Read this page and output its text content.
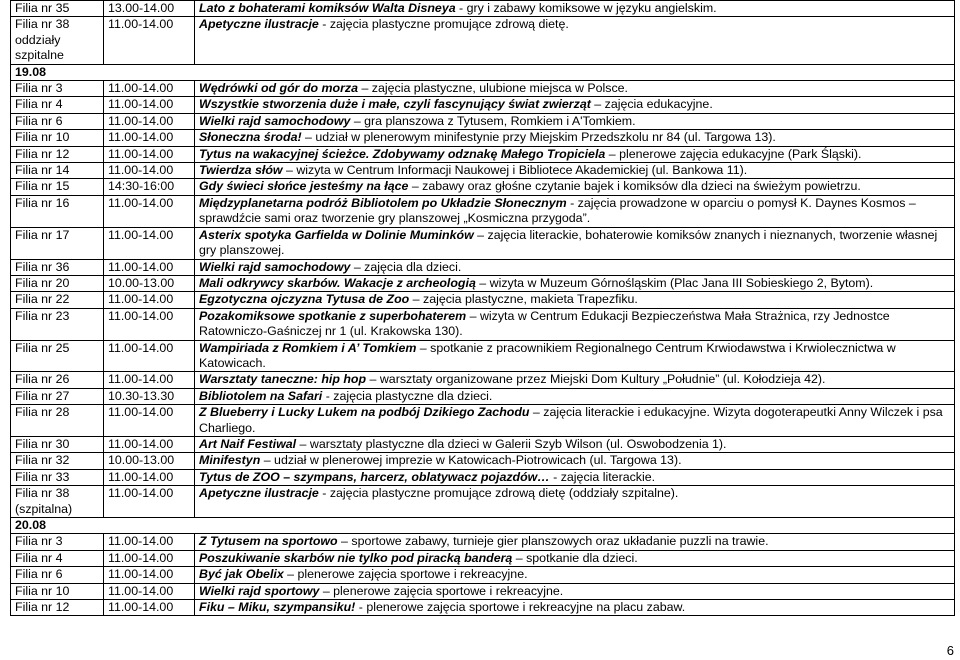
Filia nr 35	13.00-14.00	Lato z bohaterami komiksów Walta Disneya - gry i zabawy komiksowe w języku angielskim.

Filia nr 38
oddziały szpitalne	11.00-14.00	Apetyczne ilustracje - zajęcia plastyczne promujące zdrową dietę.
19.08		

Filia nr 3	11.00-14.00	Wędrówki od gór do morza – zajęcia plastyczne, ulubione miejsca w Polsce.

Filia nr 4	11.00-14.00	Wszystkie stworzenia duże i małe, czyli fascynujący świat zwierząt – zajęcia edukacyjne.

Filia nr 6	11.00-14.00	Wielki rajd samochodowy – gra planszowa z Tytusem, Romkiem i A'Tomkiem.

Filia nr 10	11.00-14.00	Słoneczna środa! – udział w plenerowym minifestynie przy Miejskim Przedszkolu nr 84 (ul. Targowa 13).

Filia nr 12	11.00-14.00	Tytus na wakacyjnej ścieżce. Zdobywamy odznakę Małego Tropiciela – plenerowe zajęcia edukacyjne (Park Śląski).

Filia nr 14	11.00-14.00	Twierdza słów – wizyta w Centrum Informacji Naukowej i Bibliotece Akademickiej (ul. Bankowa 11).

Filia nr 15	14:30-16:00	Gdy świeci słońce jesteśmy na łące – zabawy oraz głośne czytanie bajek i komiksów dla dzieci na świeżym powietrzu.

Filia nr 16	11.00-14.00	Międzyplanetarna podróż Bibliotolem po Układzie Słonecznym - zajęcia prowadzone w oparciu o pomysł K. Daynes Kosmos – sprawdźcie sami oraz tworzenie gry planszowej „Kosmiczna przygoda”.

Filia nr 17	11.00-14.00	Asterix spotyka Garfielda w Dolinie Muminków – zajęcia literackie, bohaterowie komiksów znanych i nieznanych, tworzenie własnej gry planszowej.

Filia nr 36	11.00-14.00	Wielki rajd samochodowy – zajęcia dla dzieci.

Filia nr 20	10.00-13.00	Mali odkrywcy skarbów. Wakacje z archeologią – wizyta w Muzeum Górnośląskim (Plac Jana III Sobieskiego 2, Bytom).

Filia nr 22	11.00-14.00	Egzotyczna ojczyzna Tytusa de Zoo – zajęcia plastyczne, makieta Trapezfiku.

Filia nr 23	11.00-14.00	Pozakomiksowe spotkanie z superbohaterem – wizyta w Centrum Edukacji Bezpieczeństwa Mała Strażnica, rzy Jednostce Ratowniczo-Gaśniczej nr 1 (ul. Krakowska 130).

Filia nr 25	11.00-14.00	Wampiriada z Romkiem i A’ Tomkiem – spotkanie z pracownikiem Regionalnego Centrum Krwiodawstwa i Krwiolecznictwa w Katowicach.

Filia nr 26	11.00-14.00	Warsztaty taneczne: hip hop – warsztaty organizowane przez Miejski Dom Kultury „Południe” (ul. Kołodzieja 42).

Filia nr 27	10.30-13.30	Bibliotolem na Safari - zajęcia plastyczne dla dzieci.

Filia nr 28	11.00-14.00	Z Blueberry i Lucky Lukem na podbój Dzikiego Zachodu – zajęcia literackie i edukacyjne. Wizyta dogoterapeutki Anny Wilczek i psa Charliego.

Filia nr 30	11.00-14.00	Art Naif Festiwal – warsztaty plastyczne dla dzieci w Galerii Szyb Wilson (ul. Oswobodzenia 1).

Filia nr 32	10.00-13.00	Minifestyn – udział w plenerowej imprezie w Katowicach-Piotrowicach (ul. Targowa 13).

Filia nr 33	11.00-14.00	Tytus de ZOO – szympans, harcerz, oblatywacz pojazdów… - zajęcia literackie.

Filia nr 38
(szpitalna)	11.00-14.00	Apetyczne ilustracje - zajęcia plastyczne promujące zdrową dietę (oddziały szpitalne).
20.08		

Filia nr 3	11.00-14.00	Z Tytusem na sportowo – sportowe zabawy, turnieje gier planszowych oraz układanie puzzli na trawie.

Filia nr 4	11.00-14.00	Poszukiwanie skarbów nie tylko pod piracką banderą – spotkanie dla dzieci.

Filia nr 6	11.00-14.00	Być jak Obelix – plenerowe zajęcia sportowe i rekreacyjne.

Filia nr 10	11.00-14.00	Wielki rajd sportowy – plenerowe zajęcia sportowe i rekreacyjne.

Filia nr 12	11.00-14.00	Fiku – Miku, szympansiku! - plenerowe zajęcia sportowe i rekreacyjne na placu zabaw.
6
